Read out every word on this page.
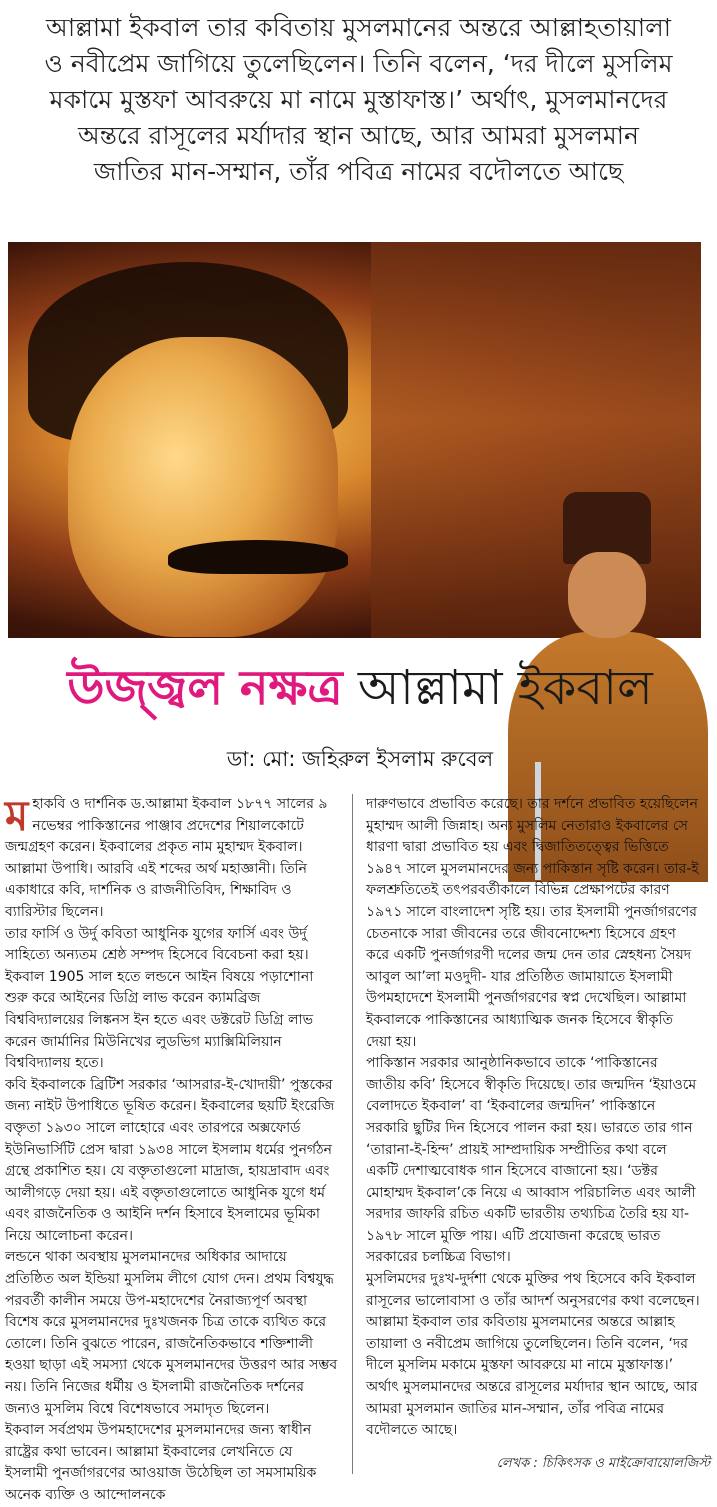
আল্লামা ইকবাল তার কবিতায় মুসলমানের অন্তরে আল্লাহতায়ালা ও নবীপ্রেম জাগিয়ে তুলেছিলেন। তিনি বলেন, ‘দর দীলে মুসলিম মকামে মুস্তফা আবরুয়ে মা নামে মুস্তাফাস্ত।’ অর্থাৎ, মুসলমানদের অন্তরে রাসূলের মর্যাদার স্থান আছে, আর আমরা মুসলমান জাতির মান-সম্মান, তাঁর পবিত্র নামের বদৌলতে আছে
উজ্জ্বল নক্ষত্র আল্লামা ইকবাল
ডা: মো: জহিরুল ইসলাম রুবেল
ম হাকবি ও দার্শনিক ড.আল্লামা ইকবাল ১৮৭৭ সালের ৯ নভেম্বর পাকিস্তানের পাঞ্জাব প্রদেশের শিয়ালকোটে জন্মগ্রহণ করেন। ইকবালের প্রকৃত নাম মুহাম্মদ ইকবাল। আল্লামা উপাধি। আরবি এই শব্দের অর্থ মহাজ্ঞানী। তিনি একাধারে কবি, দার্শনিক ও রাজনীতিবিদ, শিক্ষাবিদ ও ব্যারিস্টার ছিলেন।

তার ফার্সি ও উর্দু কবিতা আধুনিক যুগের ফার্সি এবং উর্দু সাহিত্যে অন্যতম শ্রেষ্ঠ সম্পদ হিসেবে বিবেচনা করা হয়। ইকবাল 1905 সাল হতে লন্ডনে আইন বিষয়ে পড়াশোনা শুরু করে আইনের ডিগ্রি লাভ করেন ক্যামব্রিজ বিশ্ববিদ্যালয়ের লিঙ্কনস ইন হতে এবং ডক্টরেট ডিগ্রি লাভ করেন জার্মানির মিউনিখের লুডভিগ ম্যাক্সিমিলিয়ান বিশ্ববিদ্যালয় হতে।

কবি ইকবালকে ব্রিটিশ সরকার ‘আসরার-ই-খোদায়ী’ পুস্তকের জন্য নাইট উপাধিতে ভূষিত করেন। ইকবালের ছয়টি ইংরেজি বক্তৃতা ১৯৩০ সালে লাহোরে এবং তারপরে অক্সফোর্ড ইউনিভার্সিটি প্রেস দ্বারা ১৯৩৪ সালে ইসলাম ধর্মের পুনর্গঠন গ্রন্থে প্রকাশিত হয়। যে বক্তৃতাগুলো মাদ্রাজ, হায়দ্রাবাদ এবং আলীগড়ে দেয়া হয়। এই বক্তৃতাগুলোতে আধুনিক যুগে ধর্ম এবং রাজনৈতিক ও আইনি দর্শন হিসাবে ইসলামের ভূমিকা নিয়ে আলোচনা করেন।

লন্ডনে থাকা অবস্থায় মুসলমানদের অধিকার আদায়ে প্রতিষ্ঠিত অল ইন্ডিয়া মুসলিম লীগে যোগ দেন। প্রথম বিশ্বযুদ্ধ পরবর্তী কালীন সময়ে উপ-মহাদেশের নৈরাজ্যপূর্ণ অবস্থা বিশেষ করে মুসলমানদের দুঃখজনক চিত্র তাকে ব্যথিত করে তোলে। তিনি বুঝতে পারেন, রাজনৈতিকভাবে শক্তিশালী হওয়া ছাড়া এই সমস্যা থেকে মুসলমানদের উত্তরণ আর সম্ভব নয়। তিনি নিজের ধর্মীয় ও ইসলামী রাজনৈতিক দর্শনের জন্যও মুসলিম বিশ্বে বিশেষভাবে সমাদৃত ছিলেন।

ইকবাল সর্বপ্রথম উপমহাদেশের মুসলমানদের জন্য স্বাধীন রাষ্ট্রের কথা ভাবেন। আল্লামা ইকবালের লেখনিতে যে ইসলামী পুনর্জাগরণের আওয়াজ উঠেছিল তা সমসাময়িক অনেক ব্যক্তি ও আন্দোলনকে

দারুণভাবে প্রভাবিত করেছে। তার দর্শনে প্রভাবিত হয়েছিলেন মুহাম্মদ আলী জিন্নাহ। অন্য মুসলিম নেতারাও ইকবালের সে ধারণা দ্বারা প্রভাবিত হয় এবং দ্বিজাতিতত্ত্বের ভিত্তিতে ১৯৪৭ সালে মুসলমানদের জন্য পাকিস্তান সৃষ্টি করেন। তার-ই ফলশ্রুতিতেই তৎপরবর্তীকালে বিভিন্ন প্রেক্ষাপটের কারণ ১৯৭১ সালে বাংলাদেশ সৃষ্টি হয়। তার ইসলামী পুনর্জাগরণের চেতনাকে সারা জীবনের তরে জীবনোদ্দেশ্য হিসেবে গ্রহণ করে একটি পুনর্জাগরণী দলের জন্ম দেন তার স্নেহধন্য সৈয়দ আবুল আ’লা মওদুদী- যার প্রতিষ্ঠিত জামায়াতে ইসলামী উপমহাদেশে ইসলামী পুনর্জাগরণের স্বপ্ন দেখেছিল। আল্লামা ইকবালকে পাকিস্তানের আধ্যাত্মিক জনক হিসেবে স্বীকৃতি দেয়া হয়।

পাকিস্তান সরকার আনুষ্ঠানিকভাবে তাকে ‘পাকিস্তানের জাতীয় কবি’ হিসেবে স্বীকৃতি দিয়েছে। তার জন্মদিন ‘ইয়াওমে বেলাদতে ইকবাল’ বা ‘ইকবালের জন্মদিন’ পাকিস্তানে সরকারি ছুটির দিন হিসেবে পালন করা হয়। ভারতে তার গান ‘তারানা-ই-হিন্দ’ প্রায়ই সাম্প্রদায়িক সম্প্রীতির কথা বলে একটি দেশাত্মবোধক গান হিসেবে বাজানো হয়। ‘ডক্টর মোহাম্মদ ইকবাল’কে নিয়ে এ আব্বাস পরিচালিত এবং আলী সরদার জাফরি রচিত একটি ভারতীয় তথ্যচিত্র তৈরি হয় যা- ১৯৭৮ সালে মুক্তি পায়। এটি প্রযোজনা করেছে ভারত সরকারের চলচ্চিত্র বিভাগ।

মুসলিমদের দুঃখ-দুর্দশা থেকে মুক্তির পথ হিসেবে কবি ইকবাল রাসূলের ভালোবাসা ও তাঁর আদর্শ অনুসরণের কথা বলেছেন।

আল্লামা ইকবাল তার কবিতায় মুসলমানের অন্তরে আল্লাহ তায়ালা ও নবীপ্রেম জাগিয়ে তুলেছিলেন। তিনি বলেন, ‘দর দীলে মুসলিম মকামে মুস্তফা আবরুয়ে মা নামে মুস্তাফাস্ত।’ অর্থাৎ মুসলমানদের অন্তরে রাসূলের মর্যাদার স্থান আছে, আর আমরা মুসলমান জাতির মান-সম্মান, তাঁর পবিত্র নামের বদৌলতে আছে।

লেখক : চিকিৎসক ও মাইক্রোবায়োলজিস্ট
